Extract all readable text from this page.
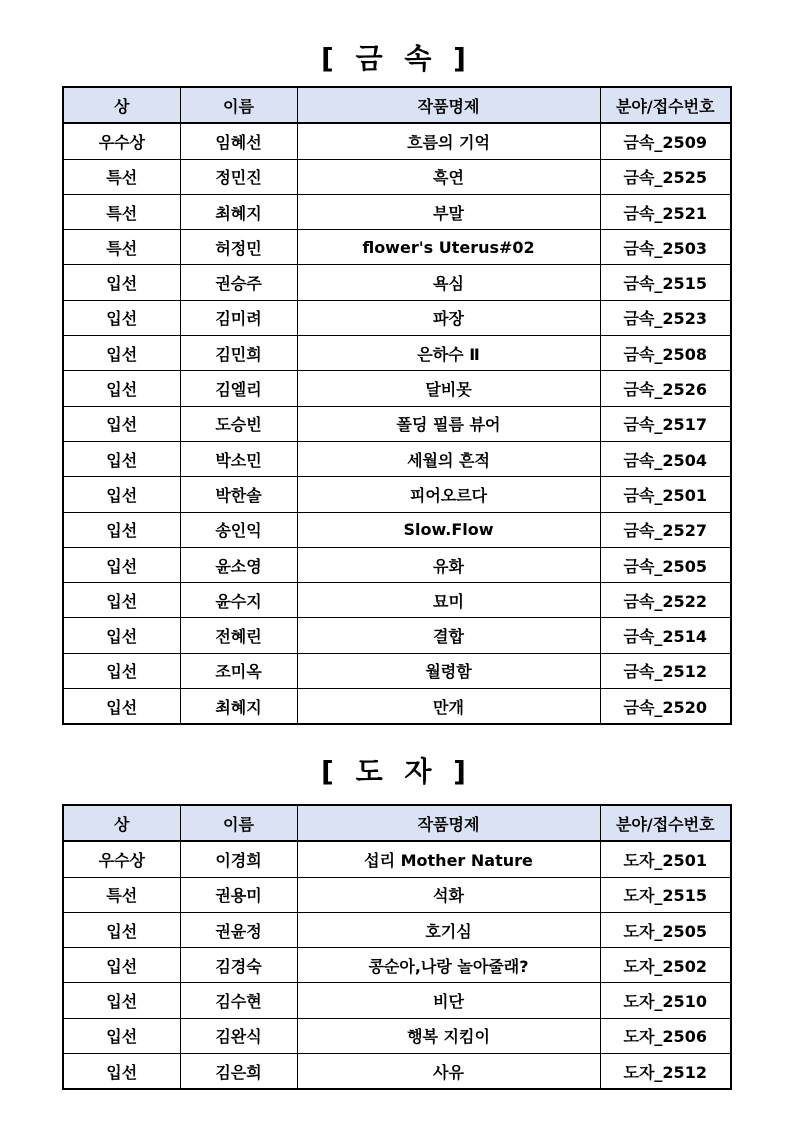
[ 금 속 ]
상	이름	작품명제	분야/접수번호
우수상	임혜선	흐름의 기억	금속_2509
특선	정민진	흑연	금속_2525
특선	최혜지	부말	금속_2521
특선	허정민	flower's Uterus#02	금속_2503
입선	권승주	욕심	금속_2515
입선	김미려	파장	금속_2523
입선	김민희	은하수 Ⅱ	금속_2508
입선	김엘리	달비못	금속_2526
입선	도승빈	폴딩 필름 뷰어	금속_2517
입선	박소민	세월의 흔적	금속_2504
입선	박한솔	피어오르다	금속_2501
입선	송인익	Slow.Flow	금속_2527
입선	윤소영	유화	금속_2505
입선	윤수지	묘미	금속_2522
입선	전혜린	결합	금속_2514
입선	조미옥	월령함	금속_2512
입선	최혜지	만개	금속_2520
[ 도 자 ]
상	이름	작품명제	분야/접수번호
우수상	이경희	섭리 Mother Nature	도자_2501
특선	권용미	석화	도자_2515
입선	권윤정	호기심	도자_2505
입선	김경숙	콩순아,나랑 놀아줄래?	도자_2502
입선	김수현	비단	도자_2510
입선	김완식	행복 지킴이	도자_2506
입선	김은희	사유	도자_2512
